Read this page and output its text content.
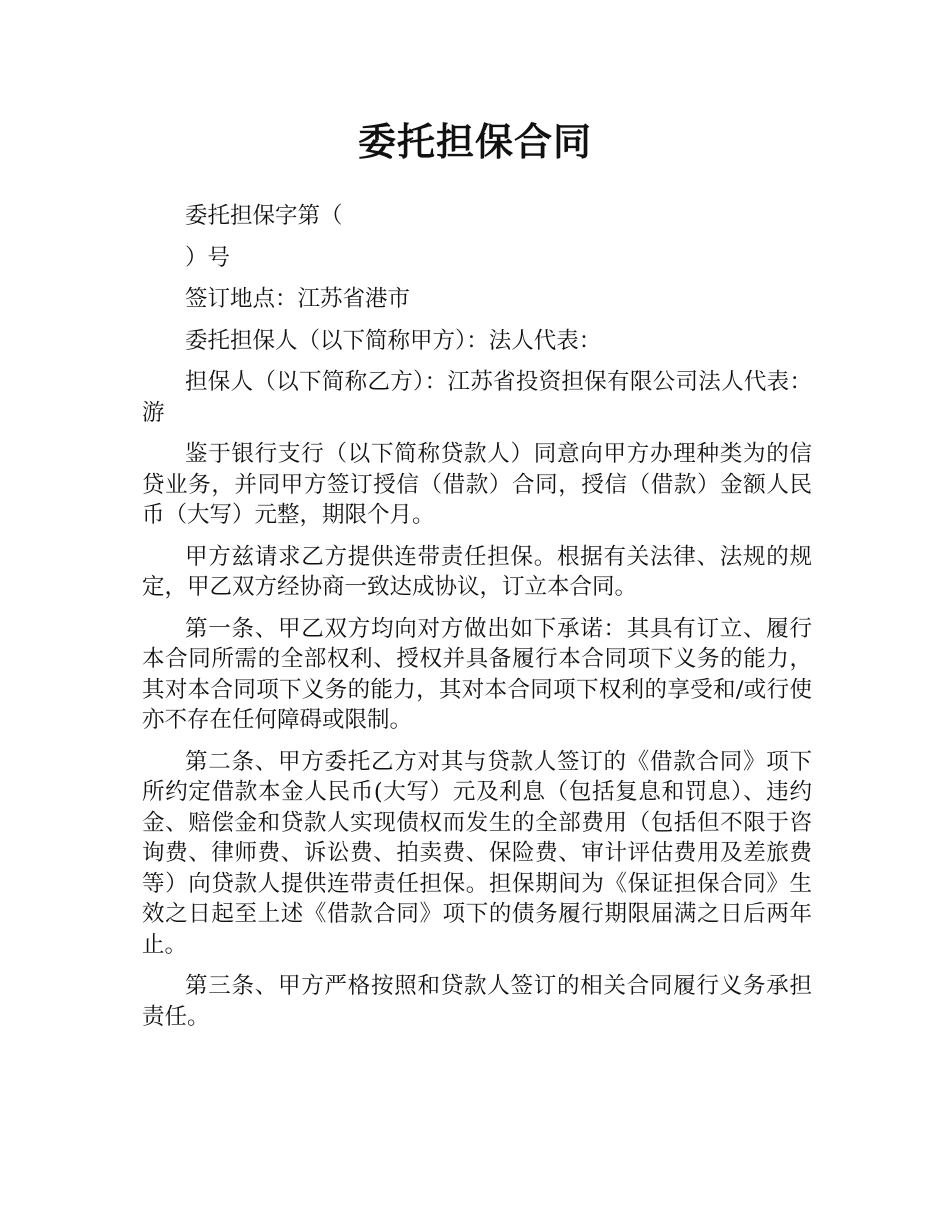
委托担保合同

委托担保字第（

）号

签订地点：江苏省港市

委托担保人（以下简称甲方）：法人代表：

担保人（以下简称乙方）：江苏省投资担保有限公司法人代表：游

鉴于银行支行（以下简称贷款人）同意向甲方办理种类为的信贷业务，并同甲方签订授信（借款）合同，授信（借款）金额人民币（大写）元整，期限个月。

甲方兹请求乙方提供连带责任担保。根据有关法律、法规的规定，甲乙双方经协商一致达成协议，订立本合同。

第一条、甲乙双方均向对方做出如下承诺：其具有订立、履行本合同所需的全部权利、授权并具备履行本合同项下义务的能力，其对本合同项下义务的能力，其对本合同项下权利的享受和/或行使亦不存在任何障碍或限制。

第二条、甲方委托乙方对其与贷款人签订的《借款合同》项下所约定借款本金人民币(大写）元及利息（包括复息和罚息）、违约金、赔偿金和贷款人实现债权而发生的全部费用（包括但不限于咨询费、律师费、诉讼费、拍卖费、保险费、审计评估费用及差旅费等）向贷款人提供连带责任担保。担保期间为《保证担保合同》生效之日起至上述《借款合同》项下的债务履行期限届满之日后两年止。

第三条、甲方严格按照和贷款人签订的相关合同履行义务承担责任。
